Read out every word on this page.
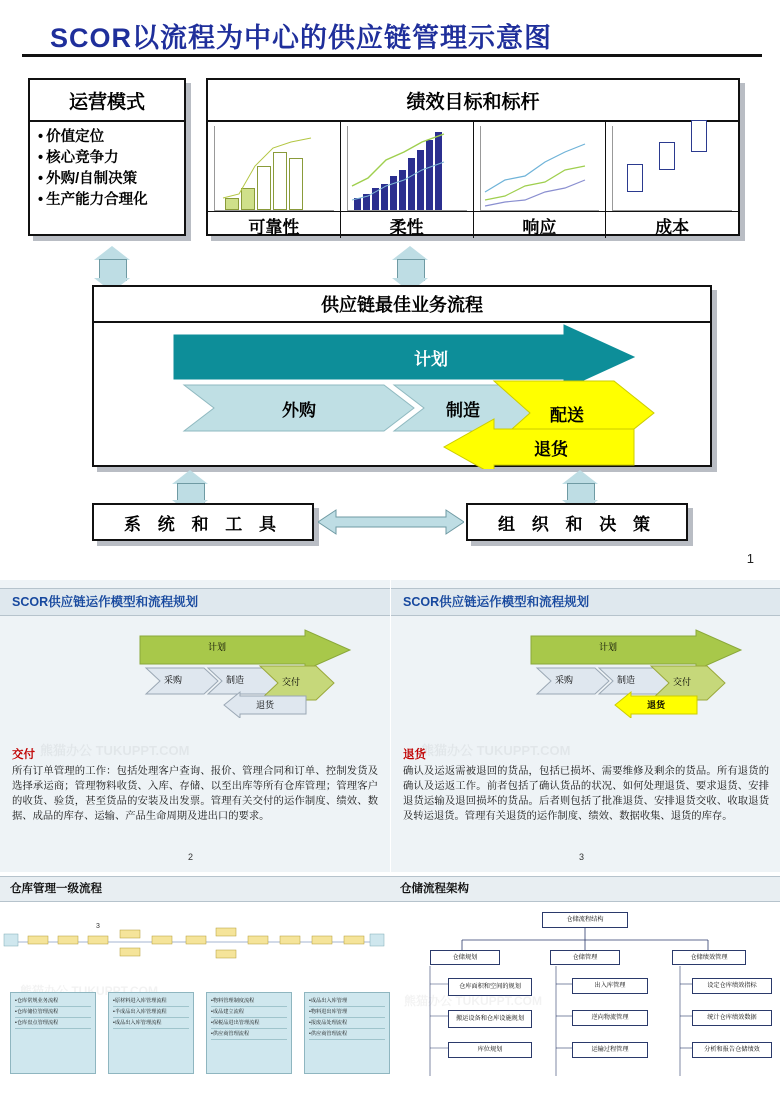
SCOR以流程为中心的供应链管理示意图
运营模式
• 价值定位
• 核心竞争力
• 外购/自制决策
• 生产能力合理化
绩效目标和标杆
可靠性	柔性	响应	成本
供应链最佳业务流程
计划
外购	制造	配送
退货
系 统 和 工 具	组 织 和 决 策
1
SCOR供应链运作模型和流程规划
熊猫办公 TUKUPPT.COM
计划
采购	制造	交付
退货
交付
所有订单管理的工作：包括处理客户查询、报价、管理合同和订单、控制发货及选择承运商；管理物料收货、入库、存储、以至出库等所有仓库管理；管理客户的收货、验货，甚至货品的安装及出发票。管理有关交付的运作制度、绩效、数据、成品的库存、运输、产品生命周期及进出口的要求。
2
SCOR供应链运作模型和流程规划
熊猫办公 TUKUPPT.COM
计划
采购	制造	交付
退货
退货
确认及运返需被退回的货品，包括已损坏、需要维修及剩余的货品。所有退货的确认及运返工作。前者包括了确认货品的状况、如何处理退货、要求退货、安排退货运输及退回损坏的货品。后者则包括了批准退货、安排退货交收、收取退货及转运退货。管理有关退货的运作制度、绩效、数据收集、退货的库存。
3
仓库管理一级流程
熊猫办公 TUKUPPT.COM
3
•仓库常规业务流程
•仓库储位管理流程
•仓库盘点管理流程
•原材料进入库管理流程
•半成品出入库管理流程
•成品出入库管理流程
•物料管理制度流程
•成品建立流程
•保税品进出管理流程
•供应商管理流程
•成品出入库管理
•物料进出库管理
•报废品处理流程
•供应商管理流程
仓储流程架构
熊猫办公 TUKUPPT.COM
仓储流程结构
仓储规划	仓储管理	仓储绩效管理
仓库面积和空间的规划
搬运设备和仓库设施规划
库位规划
出入库管理
逆向物流管理
运输过程管理
设定仓库绩效指标
统计仓库绩效数据
分析和报告仓储绩效
